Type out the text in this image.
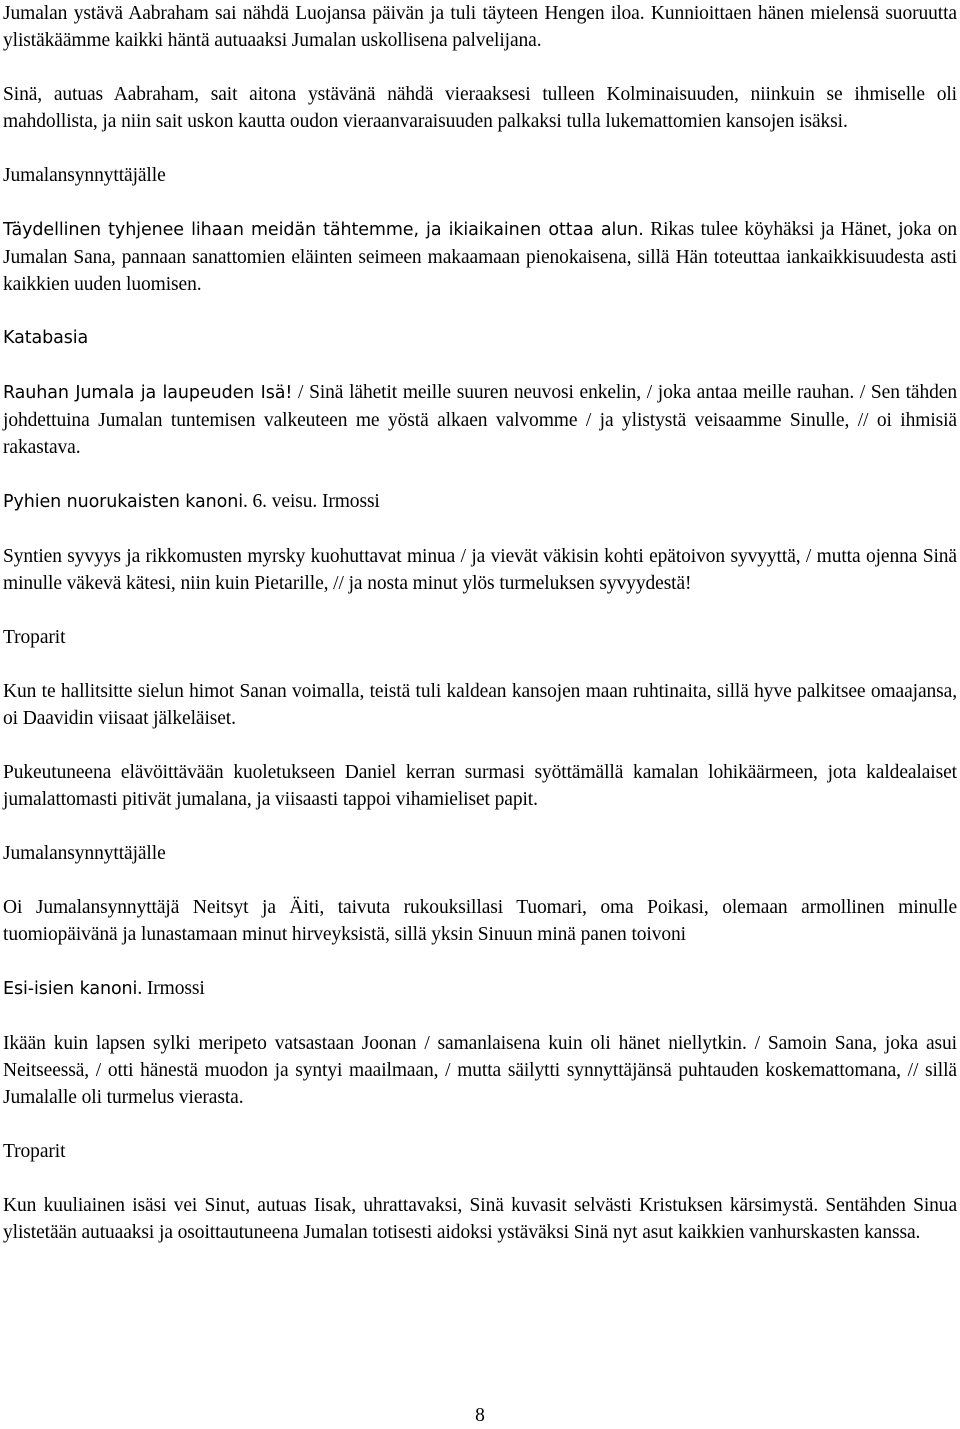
Jumalan ystävä Aabraham sai nähdä Luojansa päivän ja tuli täyteen Hengen iloa. Kunnioittaen hänen mielensä suoruutta ylistäkäämme kaikki häntä autuaaksi Jumalan uskollisena palvelijana.

Sinä, autuas Aabraham, sait aitona ystävänä nähdä vieraaksesi tulleen Kolminaisuuden, niinkuin se ihmiselle oli mahdollista, ja niin sait uskon kautta oudon vieraanvaraisuuden palkaksi tulla lukemattomien kansojen isäksi.

Jumalansynnyttäjälle

Täydellinen tyhjenee lihaan meidän tähtemme, ja ikiaikainen ottaa alun. Rikas tulee köyhäksi ja Hänet, joka on Jumalan Sana, pannaan sanattomien eläinten seimeen makaamaan pienokaisena, sillä Hän toteuttaa iankaikkisuudesta asti kaikkien uuden luomisen.

Katabasia

Rauhan Jumala ja laupeuden Isä! / Sinä lähetit meille suuren neuvosi enkelin, / joka antaa meille rauhan. / Sen tähden johdettuina Jumalan tuntemisen valkeuteen me yöstä alkaen valvomme / ja ylistystä veisaamme Sinulle, // oi ihmisiä rakastava.

Pyhien nuorukaisten kanoni. 6. veisu. Irmossi

Syntien syvyys ja rikkomusten myrsky kuohuttavat minua / ja vievät väkisin kohti epätoivon syvyyttä, / mutta ojenna Sinä minulle väkevä kätesi, niin kuin Pietarille, // ja nosta minut ylös turmeluksen syvyydestä!

Troparit

Kun te hallitsitte sielun himot Sanan voimalla, teistä tuli kaldean kansojen maan ruhtinaita, sillä hyve palkitsee omaajansa, oi Daavidin viisaat jälkeläiset.

Pukeutuneena elävöittävään kuoletukseen Daniel kerran surmasi syöttämällä kamalan lohikäärmeen, jota kaldealaiset jumalattomasti pitivät jumalana, ja viisaasti tappoi vihamieliset papit.

Jumalansynnyttäjälle

Oi Jumalansynnyttäjä Neitsyt ja Äiti, taivuta rukouksillasi Tuomari, oma Poikasi, olemaan armollinen minulle tuomiopäivänä ja lunastamaan minut hirveyksistä, sillä yksin Sinuun minä panen toivoni

Esi-isien kanoni. Irmossi

Ikään kuin lapsen sylki meripeto vatsastaan Joonan / samanlaisena kuin oli hänet niellytkin. / Samoin Sana, joka asui Neitseessä, / otti hänestä muodon ja syntyi maailmaan, / mutta säilytti synnyttäjänsä puhtauden koskemattomana, // sillä Jumalalle oli turmelus vierasta.

Troparit

Kun kuuliainen isäsi vei Sinut, autuas Iisak, uhrattavaksi, Sinä kuvasit selvästi Kristuksen kärsimystä. Sentähden Sinua ylistetään autuaaksi ja osoittautuneena Jumalan totisesti aidoksi ystäväksi Sinä nyt asut kaikkien vanhurskasten kanssa.

8
